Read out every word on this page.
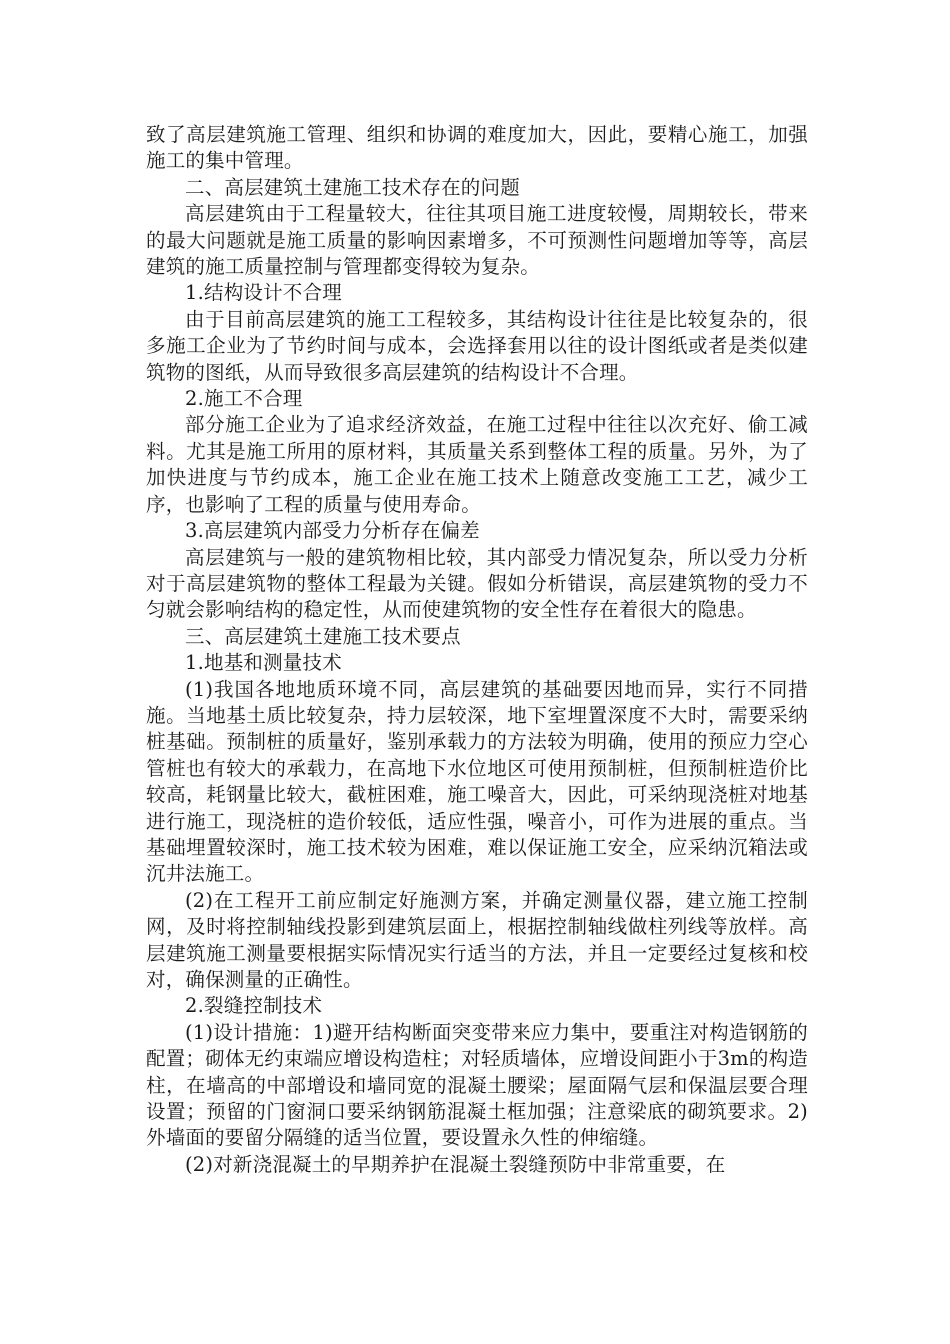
致了高层建筑施工管理、组织和协调的难度加大，因此，要精心施工，加强施工的集中管理。

二、高层建筑土建施工技术存在的问题

高层建筑由于工程量较大，往往其项目施工进度较慢，周期较长，带来的最大问题就是施工质量的影响因素增多，不可预测性问题增加等等，高层建筑的施工质量控制与管理都变得较为复杂。

1.结构设计不合理

由于目前高层建筑的施工工程较多，其结构设计往往是比较复杂的，很多施工企业为了节约时间与成本，会选择套用以往的设计图纸或者是类似建筑物的图纸，从而导致很多高层建筑的结构设计不合理。

2.施工不合理

部分施工企业为了追求经济效益，在施工过程中往往以次充好、偷工减料。尤其是施工所用的原材料，其质量关系到整体工程的质量。另外，为了加快进度与节约成本，施工企业在施工技术上随意改变施工工艺，减少工序，也影响了工程的质量与使用寿命。

3.高层建筑内部受力分析存在偏差

高层建筑与一般的建筑物相比较，其内部受力情况复杂，所以受力分析对于高层建筑物的整体工程最为关键。假如分析错误，高层建筑物的受力不匀就会影响结构的稳定性，从而使建筑物的安全性存在着很大的隐患。

三、高层建筑土建施工技术要点

1.地基和测量技术

(1)我国各地地质环境不同，高层建筑的基础要因地而异，实行不同措施。当地基土质比较复杂，持力层较深，地下室埋置深度不大时，需要采纳桩基础。预制桩的质量好，鉴别承载力的方法较为明确，使用的预应力空心管桩也有较大的承载力，在高地下水位地区可使用预制桩，但预制桩造价比较高，耗钢量比较大，截桩困难，施工噪音大，因此，可采纳现浇桩对地基进行施工，现浇桩的造价较低，适应性强，噪音小，可作为进展的重点。当基础埋置较深时，施工技术较为困难，难以保证施工安全，应采纳沉箱法或沉井法施工。

(2)在工程开工前应制定好施测方案，并确定测量仪器，建立施工控制网，及时将控制轴线投影到建筑层面上，根据控制轴线做柱列线等放样。高层建筑施工测量要根据实际情况实行适当的方法，并且一定要经过复核和校对，确保测量的正确性。

2.裂缝控制技术

(1)设计措施：1)避开结构断面突变带来应力集中，要重注对构造钢筋的配置；砌体无约束端应增设构造柱；对轻质墙体，应增设间距小于3m的构造柱，在墙高的中部增设和墙同宽的混凝土腰梁；屋面隔气层和保温层要合理设置；预留的门窗洞口要采纳钢筋混凝土框加强；注意梁底的砌筑要求。2)外墙面的要留分隔缝的适当位置，要设置永久性的伸缩缝。

(2)对新浇混凝土的早期养护在混凝土裂缝预防中非常重要，在
